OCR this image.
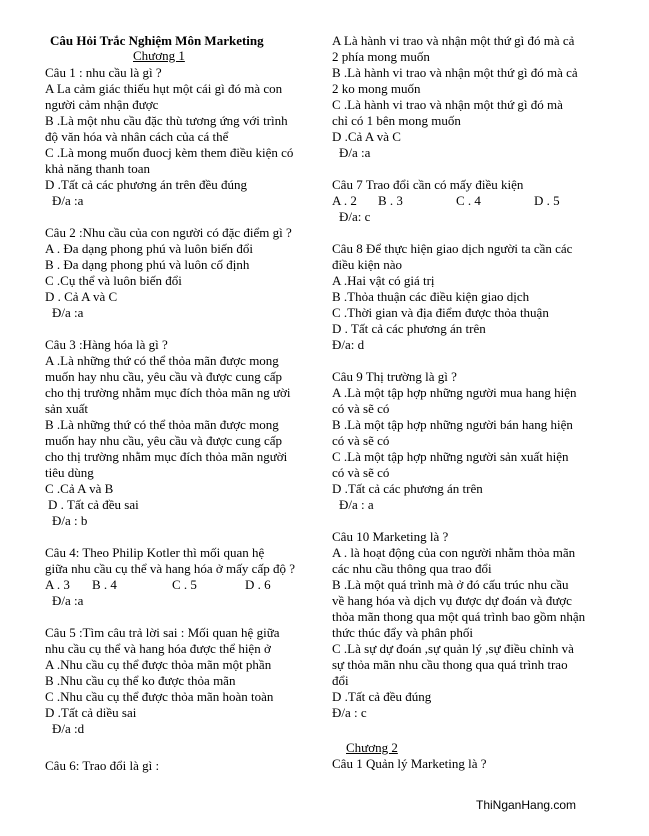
Câu Hỏi Trắc Nghiệm Môn Marketing
Chương 1
Câu 1 : nhu cầu là gì ?
A La cảm giác thiếu hụt một cái gì đó mà con
người cảm nhận được
B .Là một nhu cầu đặc thù tương ứng với trình
độ văn hóa và nhân cách của cá thể
C .Là mong muốn đuocj kèm them điều kiện có
khả năng thanh toan
D .Tất cả các phương án trên đều đúng
Đ/a :a
Câu 2 :Nhu cầu của con người có đặc điểm gì ?
A . Đa dạng phong phú và luôn biến đổi
B . Đa dạng phong phú và luôn cố định
C .Cụ thể và luôn biến đổi
D . Cả A và C
Đ/a :a
Câu 3 :Hàng hóa là gì ?
A .Là những thứ có thể thỏa mãn được mong
muốn hay nhu cầu, yêu cầu và được cung cấp
cho thị trường nhằm mục đích thỏa mãn ng ười
sản xuất
B .Là những thứ có thể thỏa mãn được mong
muốn hay nhu cầu, yêu cầu và được cung cấp
cho thị trường nhằm mục đích thỏa mãn người
tiêu dùng
C .Cả A và B
D . Tất cả đều sai
Đ/a : b
Câu 4: Theo Philip Kotler thì mối quan hệ
giữa nhu cầu cụ thể và hang hóa ở mấy cấp độ ?
A . 3 B . 4	C . 5	D . 6
Đ/a :a
Câu 5 :Tìm câu trả lời sai : Mối quan hệ giữa
nhu cầu cụ thể và hang hóa được thể hiện ở
A .Nhu cầu cụ thể được thỏa mãn một phần
B .Nhu cầu cụ thể ko được thỏa mãn
C .Nhu cầu cụ thể được thỏa mãn hoàn toàn
D .Tất cả diều sai
Đ/a :d
Câu 6: Trao đổi là gì :
A Là hành vi trao và nhận một thứ gì đó mà cả
2 phía mong muốn
B .Là hành vi trao và nhận một thứ gì đó mà cả
2 ko mong muốn
C .Là hành vi trao và nhận một thứ gì đó mà
chỉ có 1 bên mong muốn
D .Cả A và C
Đ/a :a
Câu 7 Trao đổi cần có mấy điều kiện
A . 2 B . 3	C . 4	D . 5
Đ/a: c
Câu 8 Để thực hiện giao dịch người ta cần các
điều kiện nào
A .Hai vật có giá trị
B .Thỏa thuận các điều kiện giao dịch
C .Thời gian và địa điểm được thỏa thuận
D . Tất cả các phương án trên
Đ/a: d
Câu 9 Thị trường là gì ?
A .Là một tập hợp những người mua hang hiện
có và sẽ có
B .Là một tập hợp những người bán hang hiện
có và sẽ có
C .Là một tập hợp những người sản xuất hiện
có và sẽ có
D .Tất cả các phương án trên
Đ/a : a
Câu 10 Marketing là ?
A . là hoạt động của con người nhằm thỏa mãn
các nhu cầu thông qua trao đổi
B .Là một quá trình mà ở đó cấu trúc nhu cầu
về hang hóa và dịch vụ được dự đoán và được
thỏa mãn thong qua một quá trình bao gồm nhận
thức thúc đẩy và phân phối
C .Là sự dự đoán ,sự quản lý ,sự điều chỉnh và
sự thỏa mãn nhu cầu thong qua quá trình trao
đổi
D .Tất cả đều đúng
Đ/a : c
Chương 2
Câu 1 Quản lý Marketing là ?
ThiNganHang.com
